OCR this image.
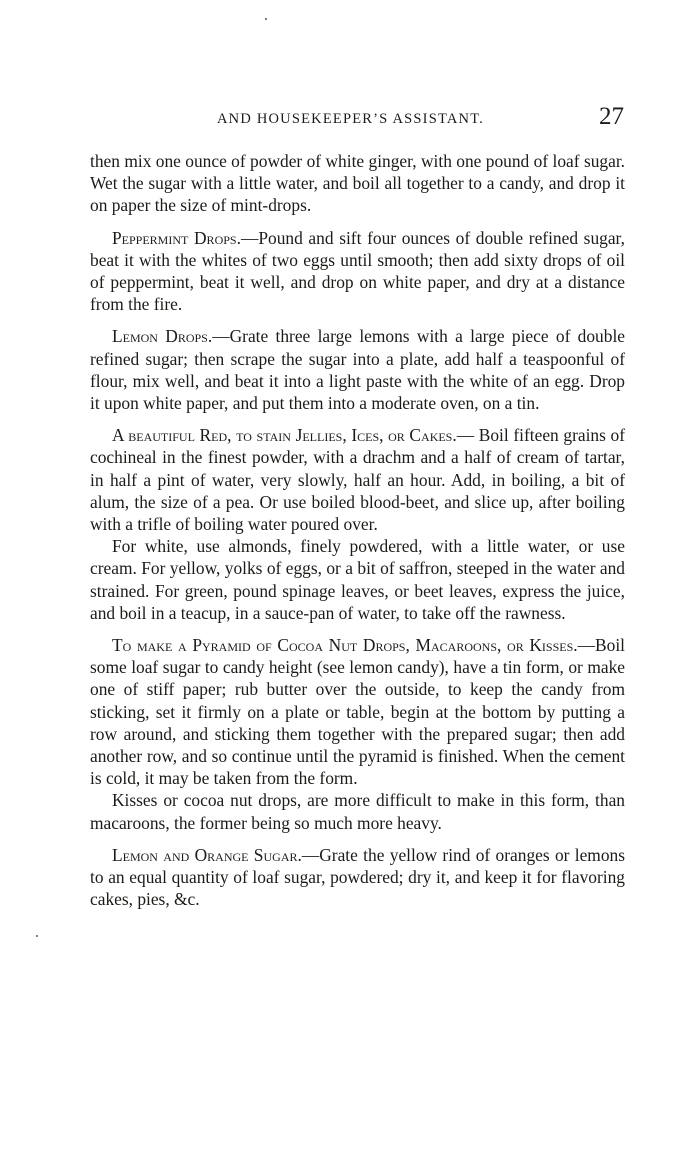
AND HOUSEKEEPER’S ASSISTANT.	27

then mix one ounce of powder of white ginger, with one pound of loaf sugar. Wet the sugar with a little water, and boil all together to a candy, and drop it on paper the size of mint-drops.

Peppermint Drops.—Pound and sift four ounces of double refined sugar, beat it with the whites of two eggs until smooth; then add sixty drops of oil of peppermint, beat it well, and drop on white paper, and dry at a distance from the fire.

Lemon Drops.—Grate three large lemons with a large piece of double refined sugar; then scrape the sugar into a plate, add half a teaspoonful of flour, mix well, and beat it into a light paste with the white of an egg. Drop it upon white paper, and put them into a moderate oven, on a tin.

A beautiful Red, to stain Jellies, Ices, or Cakes.— Boil fifteen grains of cochineal in the finest powder, with a drachm and a half of cream of tartar, in half a pint of water, very slowly, half an hour. Add, in boiling, a bit of alum, the size of a pea. Or use boiled blood-beet, and slice up, after boiling with a trifle of boiling water poured over.

For white, use almonds, finely powdered, with a little water, or use cream. For yellow, yolks of eggs, or a bit of saffron, steeped in the water and strained. For green, pound spinage leaves, or beet leaves, express the juice, and boil in a teacup, in a sauce-pan of water, to take off the rawness.

To make a Pyramid of Cocoa Nut Drops, Macaroons, or Kisses.—Boil some loaf sugar to candy height (see lemon candy), have a tin form, or make one of stiff paper; rub butter over the outside, to keep the candy from sticking, set it firmly on a plate or table, begin at the bottom by putting a row around, and sticking them together with the prepared sugar; then add another row, and so continue until the pyramid is finished. When the cement is cold, it may be taken from the form.

Kisses or cocoa nut drops, are more difficult to make in this form, than macaroons, the former being so much more heavy.

Lemon and Orange Sugar.—Grate the yellow rind of oranges or lemons to an equal quantity of loaf sugar, powdered; dry it, and keep it for flavoring cakes, pies, &c.
